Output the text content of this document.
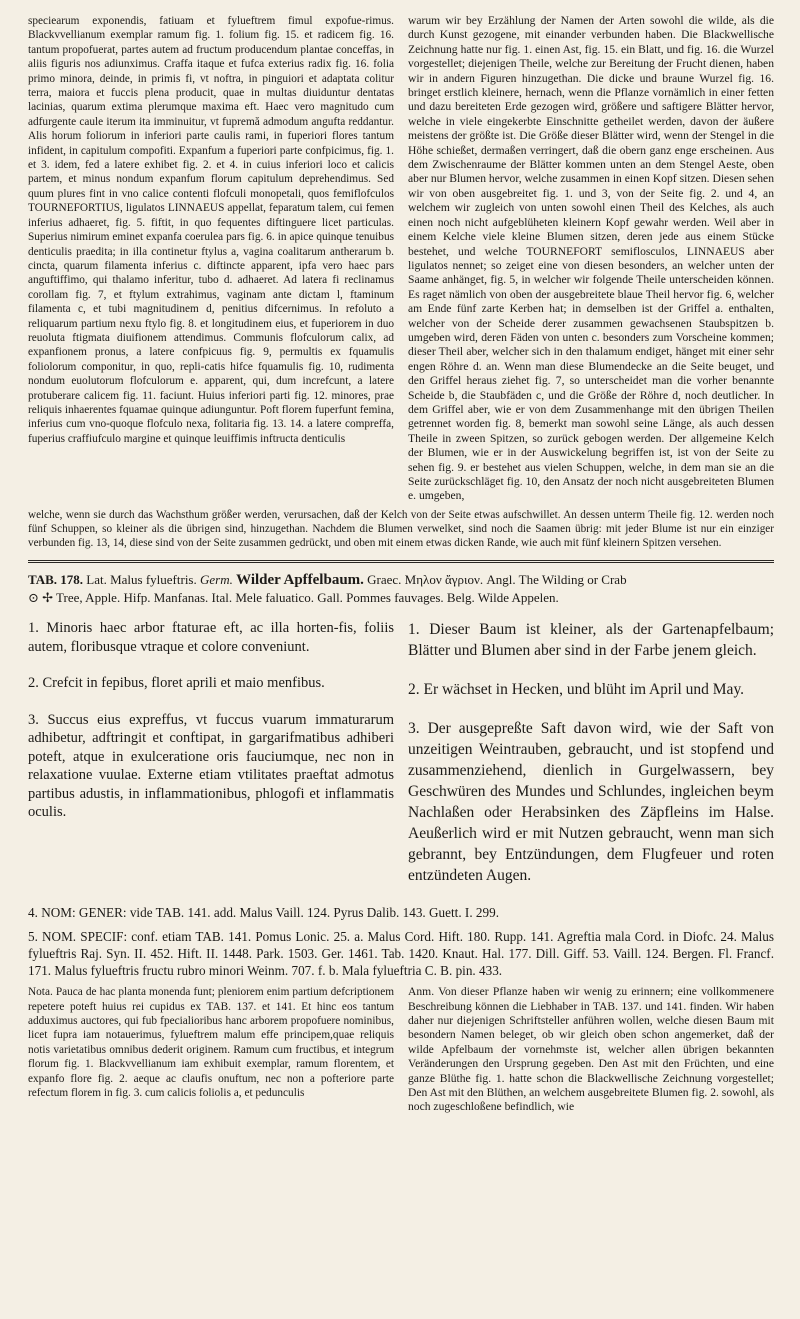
speciearum exponendis, fatiuam et fylueftrem fimul expofue-rimus. Blackvvellianum exemplar ramum fig. 1. folium fig. 15. et radicem fig. 16. tantum propofuerat, partes autem ad fructum producendum plantae conceffas, in aliis figuris nos adiunximus. Craffa itaque et fufca exterius radix fig. 16. folia primo minora, deinde, in primis fi, vt noftra, in pinguiori et adaptata colitur terra, maiora et fuccis plena producit, quae in multas diuiduntur dentatas lacinias, quarum extima plerumque maxima eft. Haec vero magnitudo cum adfurgente caule iterum ita imminuitur, vt fupremă admodum angufta reddantur. Alis horum foliorum in inferiori parte caulis rami, in fuperiori flores tantum infident, in capitulum compofiti. Expanfum a fuperiori parte confpicimus, fig. 1. et 3. idem, fed a latere exhibet fig. 2. et 4. in cuius inferiori loco et calicis partem, et minus nondum expanfum florum capitulum deprehendimus. Sed quum plures fint in vno calice contenti flofculi monopetali, quos femiflofculos TOURNEFORTIUS, ligulatos LINNAEUS appellat, feparatum talem, cui femen inferius adhaeret, fig. 5. fiftit, in quo fequentes diftinguere licet particulas. Superius nimirum eminet expanfa coerulea pars fig. 6. in apice quinque tenuibus denticulis praedita; in illa continetur ftylus a, vagina coalitarum antherarum b. cincta, quarum filamenta inferius c. diftincte apparent, ipfa vero haec pars anguftiffimo, qui thalamo inferitur, tubo d. adhaeret. Ad latera fi reclinamus corollam fig. 7, et ftylum extrahimus, vaginam ante dictam l, ftaminum filamenta c, et tubi magnitudinem d, penitius difcernimus. In refoluto a reliquarum partium nexu ftylo fig. 8. et longitudinem eius, et fuperiorem in duo reuoluta ftigmata diuifionem attendimus. Communis flofculorum calix, ad expanfionem pronus, a latere confpicuus fig. 9, permultis ex fquamulis foliolorum componitur, in quo, repli-catis hifce fquamulis fig. 10, rudimenta nondum euolutorum flofculorum e. apparent, qui, dum increfcunt, a latere protuberare calicem fig. 11. faciunt. Huius inferiori parti fig. 12. minores, prae reliquis inhaerentes fquamae quinque adiunguntur. Poft florem fuperfunt femina, inferius cum vno-quoque flofculo nexa, folitaria fig. 13. 14. a latere compreffa, fuperius craffiufculo margine et quinque leuiffimis inftructa denticulis

warum wir bey Erzählung der Namen der Arten sowohl die wilde, als die durch Kunst gezogene, mit einander verbunden haben. Die Blackwellische Zeichnung hatte nur fig. 1. einen Ast, fig. 15. ein Blatt, und fig. 16. die Wurzel vorgestellet; diejenigen Theile, welche zur Bereitung der Frucht dienen, haben wir in andern Figuren hinzugethan. Die dicke und braune Wurzel fig. 16. bringet erstlich kleinere, hernach, wenn die Pflanze vornämlich in einer fetten und dazu bereiteten Erde gezogen wird, größere und saftigere Blätter hervor, welche in viele eingekerbte Einschnitte getheilet werden, davon der äußere meistens der größte ist. Die Größe dieser Blätter wird, wenn der Stengel in die Höhe schießet, dermaßen verringert, daß die obern ganz enge erscheinen. Aus dem Zwischenraume der Blätter kommen unten an dem Stengel Aeste, oben aber nur Blumen hervor, welche zusammen in einen Kopf sitzen. Diesen sehen wir von oben ausgebreitet fig. 1. und 3, von der Seite fig. 2. und 4, an welchem wir zugleich von unten sowohl einen Theil des Kelches, als auch einen noch nicht aufgeblüheten kleinern Kopf gewahr werden. Weil aber in einem Kelche viele kleine Blumen sitzen, deren jede aus einem Stücke bestehet, und welche TOURNEFORT semiflosculos, LINNAEUS aber ligulatos nennet; so zeiget eine von diesen besonders, an welcher unten der Saame anhänget, fig. 5, in welcher wir folgende Theile unterscheiden können. Es raget nämlich von oben der ausgebreitete blaue Theil hervor fig. 6, welcher am Ende fünf zarte Kerben hat; in demselben ist der Griffel a. enthalten, welcher von der Scheide derer zusammen gewachsenen Staubspitzen b. umgeben wird, deren Fäden von unten c. besonders zum Vorscheine kommen; dieser Theil aber, welcher sich in den thalamum endiget, hänget mit einer sehr engen Röhre d. an. Wenn man diese Blumendecke an die Seite beuget, und den Griffel heraus ziehet fig. 7, so unterscheidet man die vorher benannte Scheide b, die Staubfäden c, und die Größe der Röhre d, noch deutlicher. In dem Griffel aber, wie er von dem Zusammenhange mit den übrigen Theilen getrennet worden fig. 8, bemerkt man sowohl seine Länge, als auch dessen Theile in zween Spitzen, so zurück gebogen werden. Der allgemeine Kelch der Blumen, wie er in der Auswickelung begriffen ist, ist von der Seite zu sehen fig. 9. er bestehet aus vielen Schuppen, welche, in dem man sie an die Seite zurückschläget fig. 10, den Ansatz der noch nicht ausgebreiteten Blumen e. umgeben,

welche, wenn sie durch das Wachsthum größer werden, verursachen, daß der Kelch von der Seite etwas aufschwillet. An dessen unterm Theile fig. 12. werden noch fünf Schuppen, so kleiner als die übrigen sind, hinzugethan. Nachdem die Blumen verwelket, sind noch die Saamen übrig: mit jeder Blume ist nur ein einziger verbunden fig. 13, 14, diese sind von der Seite zusammen gedrückt, und oben mit einem etwas dicken Rande, wie auch mit fünf kleinern Spitzen versehen.

TAB. 178. Lat. Malus fylueftris. Germ. Wilder Apffelbaum. Graec. Μηλον ἄγριον. Angl. The Wilding or Crab
⊙ ✢ Tree, Apple. Hifp. Manfanas. Ital. Mele faluatico. Gall. Pommes fauvages. Belg. Wilde Appelen.

1. Minoris haec arbor ftaturae eft, ac illa horten-fis, foliis autem, floribusque vtraque et colore conveniunt.

2. Crefcit in fepibus, floret aprili et maio menfibus.

3. Succus eius expreffus, vt fuccus vuarum immaturarum adhibetur, adftringit et conftipat, in gargarifmatibus adhiberi poteft, atque in exulceratione oris fauciumque, nec non in relaxatione vuulae. Externe etiam vtilitates praeftat admotus partibus adustis, in inflammationibus, phlogofi et inflammatis oculis.

1. Dieser Baum ist kleiner, als der Gartenapfelbaum; Blätter und Blumen aber sind in der Farbe jenem gleich.

2. Er wächset in Hecken, und blüht im April und May.

3. Der ausgepreßte Saft davon wird, wie der Saft von unzeitigen Weintrauben, gebraucht, und ist stopfend und zusammenziehend, dienlich in Gurgelwassern, bey Geschwüren des Mundes und Schlundes, ingleichen beym Nachlaßen oder Herabsinken des Zäpfleins im Halse. Aeußerlich wird er mit Nutzen gebraucht, wenn man sich gebrannt, bey Entzündungen, dem Flugfeuer und roten entzündeten Augen.

4. NOM: GENER: vide TAB. 141. add. Malus Vaill. 124. Pyrus Dalib. 143. Guett. I. 299.

5. NOM. SPECIF: conf. etiam TAB. 141. Pomus Lonic. 25. a. Malus Cord. Hift. 180. Rupp. 141. Agreftia mala Cord. in Diofc. 24. Malus fylueftris Raj. Syn. II. 452. Hift. II. 1448. Park. 1503. Ger. 1461. Tab. 1420. Knaut. Hal. 177. Dill. Giff. 53. Vaill. 124. Bergen. Fl. Francf. 171. Malus fylueftris fructu rubro minori Weinm. 707. f. b. Mala fylueftria C. B. pin. 433.

Nota. Pauca de hac planta monenda funt; pleniorem enim partium defcriptionem repetere poteft huius rei cupidus ex TAB. 137. et 141. Et hinc eos tantum adduximus auctores, qui fub fpecialioribus hanc arborem propofuere nominibus, licet fupra iam notauerimus, fylueftrem malum effe principem,quae reliquis notis varietatibus omnibus dederit originem. Ramum cum fructibus, et integrum florum fig. 1. Blackvvellianum iam exhibuit exemplar, ramum florentem, et expanfo flore fig. 2. aeque ac claufis onuftum, nec non a pofteriore parte refectum florem in fig. 3. cum calicis foliolis a, et pedunculis

Anm. Von dieser Pflanze haben wir wenig zu erinnern; eine vollkommenere Beschreibung können die Liebhaber in TAB. 137. und 141. finden. Wir haben daher nur diejenigen Schriftsteller anführen wollen, welche diesen Baum mit besondern Namen beleget, ob wir gleich oben schon angemerket, daß der wilde Apfelbaum der vornehmste ist, welcher allen übrigen bekannten Veränderungen den Ursprung gegeben. Den Ast mit den Früchten, und eine ganze Blüthe fig. 1. hatte schon die Blackwellische Zeichnung vorgestellet; Den Ast mit den Blüthen, an welchem ausgebreitete Blumen fig. 2. sowohl, als noch zugeschloßene befindlich, wie
